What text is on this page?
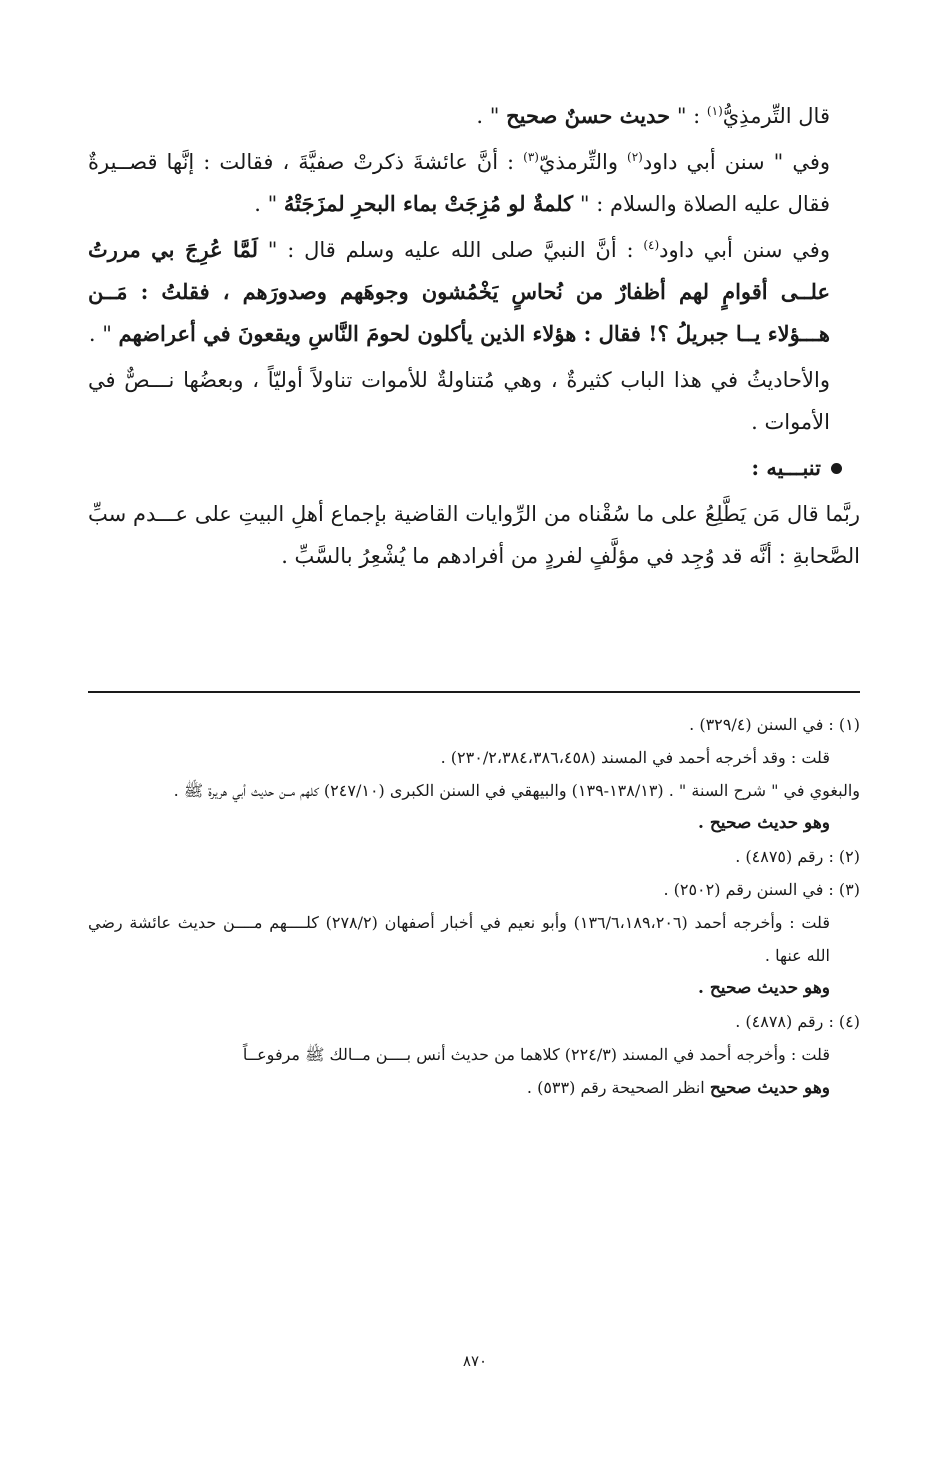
قال التِّرمذِيُّ$^{(١)}$ : " حديث حسنٌ صحيح " .

وفي " سنن أبي داود$^{(٢)}$ والتِّرمذيّ$^{(٣)}$ : أنَّ عائشةَ ذكرتْ صفيَّةَ ، فقالت : إنَّها قصــيرةٌ فقال عليه الصلاة والسلام : " كلمةٌ لو مُزِجَتْ بماء البحرِ لمزَجَتْهُ " .

وفي سنن أبي داود$^{(٤)}$ : أنَّ النبيَّ صلى الله عليه وسلم قال : " لَمَّا عُرِجَ بي مررتُ علــى أقوامٍ لهم أظفارٌ من نُحاسٍ يَخْمُشون وجوهَهم وصدورَهم ، فقلتُ : مَــن هـــؤلاء يــا جبريلُ ؟! فقال : هؤلاء الذين يأكلون لحومَ النَّاسِ ويقعونَ في أعراضهم " .

والأحاديثُ في هذا الباب كثيرةٌ ، وهي مُتناولةٌ للأموات تناولاً أوليّاً ، وبعضُها نـــصٌّ في الأموات .

تنبـــيه :

ربَّما قال مَن يَطَّلِعُ على ما سُقْناه من الرِّوايات القاضية بإجماع أهلِ البيتِ على عـــدم سبِّ الصَّحابةِ : أنَّه قد وُجِد في مؤلَّفٍ لفردٍ من أفرادهم ما يُشْعِرُ بالسَّبِّ .

(١) : في السنن (٣٢٩/٤) .

قلت : وقد أخرجه أحمد في المسند (٢٣٠/٢،٣٨٤،٣٨٦،٤٥٨) .

والبغوي في " شرح السنة " . (١٣٨/١٣-١٣٩) والبيهقي في السنن الكبرى (٢٤٧/١٠) كلهم مــن حديث أبي هريرة ﷺ .

وهو حديث صحيح .

(٢) : رقم (٤٨٧٥) .

(٣) : في السنن رقم (٢٥٠٢) .

قلت : وأخرجه أحمد (١٣٦/٦،١٨٩،٢٠٦) وأبو نعيم في أخبار أصفهان (٢٧٨/٢) كلــــهم مــــن حديث عائشة رضي الله عنها .

وهو حديث صحيح .

(٤) : رقم (٤٨٧٨) .

قلت : وأخرجه أحمد في المسند (٢٢٤/٣) كلاهما من حديث أنس بــــن مــالك ﷺ مرفوعــاً

وهو حديث صحيح انظر الصحيحة رقم (٥٣٣) .

٨٧٠
